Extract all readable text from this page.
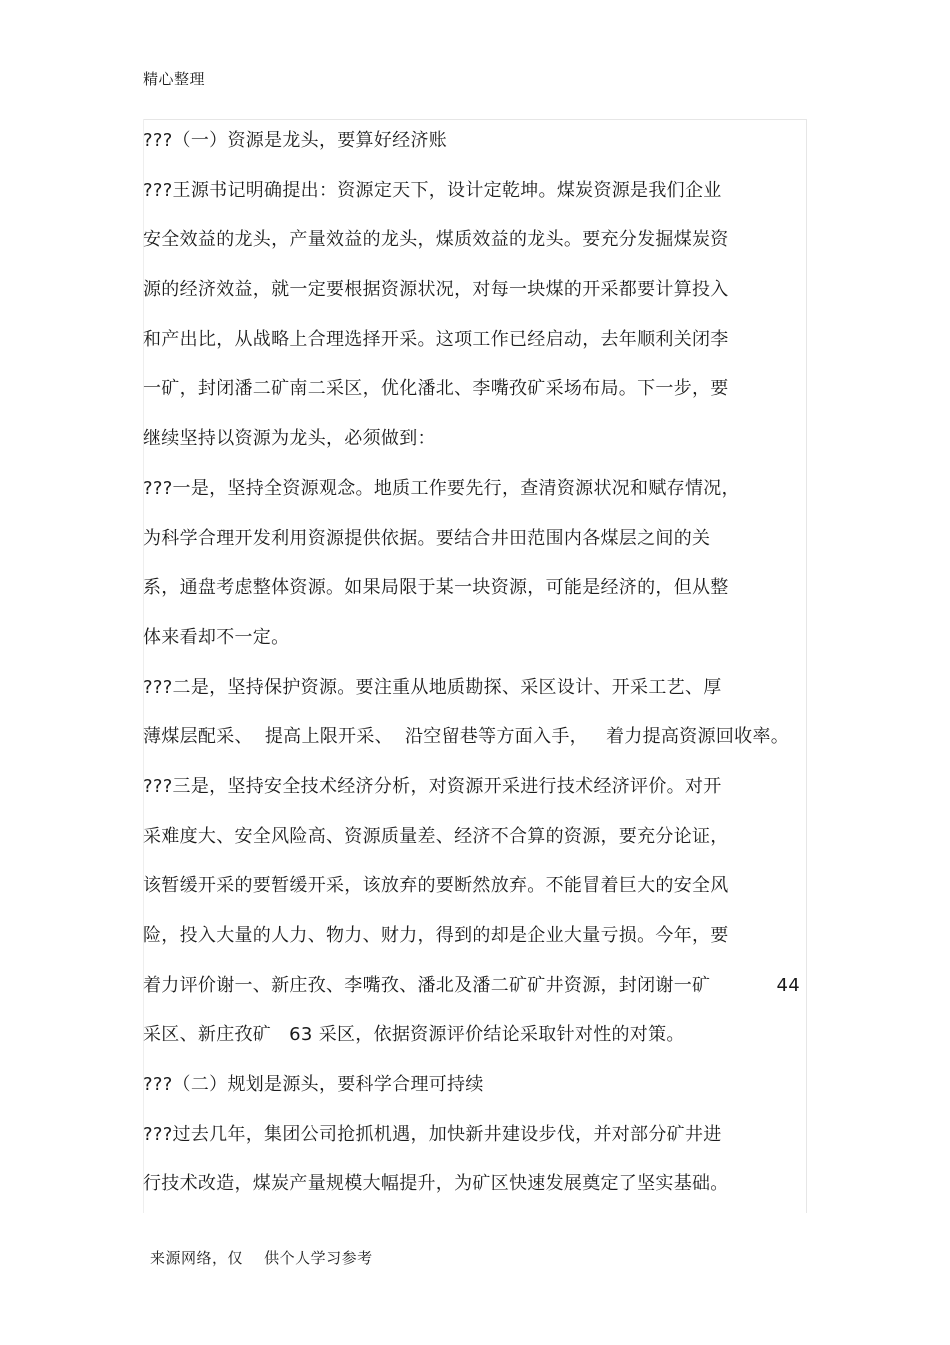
精心整理
???（一）资源是龙头，要算好经济账
???王源书记明确提出：资源定天下，设计定乾坤。煤炭资源是我们企业
安全效益的龙头，产量效益的龙头，煤质效益的龙头。要充分发掘煤炭资
源的经济效益，就一定要根据资源状况，对每一块煤的开采都要计算投入
和产出比，从战略上合理选择开采。这项工作已经启动，去年顺利关闭李
一矿，封闭潘二矿南二采区，优化潘北、李嘴孜矿采场布局。下一步，要
继续坚持以资源为龙头，必须做到：
???一是，坚持全资源观念。地质工作要先行，查清资源状况和赋存情况，
为科学合理开发利用资源提供依据。要结合井田范围内各煤层之间的关
系，通盘考虑整体资源。如果局限于某一块资源，可能是经济的，但从整
体来看却不一定。
???二是，坚持保护资源。要注重从地质勘探、采区设计、开采工艺、厚
薄煤层配采、  提高上限开采、  沿空留巷等方面入手，   着力提高资源回收率。
???三是，坚持安全技术经济分析，对资源开采进行技术经济评价。对开
采难度大、安全风险高、资源质量差、经济不合算的资源，要充分论证，
该暂缓开采的要暂缓开采，该放弃的要断然放弃。不能冒着巨大的安全风
险，投入大量的人力、物力、财力，得到的却是企业大量亏损。今年，要
着力评价谢一、新庄孜、李嘴孜、潘北及潘二矿矿井资源，封闭谢一矿           44
采区、新庄孜矿   63 采区，依据资源评价结论采取针对性的对策。
???（二）规划是源头，要科学合理可持续
???过去几年，集团公司抢抓机遇，加快新井建设步伐，并对部分矿井进
行技术改造，煤炭产量规模大幅提升，为矿区快速发展奠定了坚实基础。
来源网络，仅    供个人学习参考
